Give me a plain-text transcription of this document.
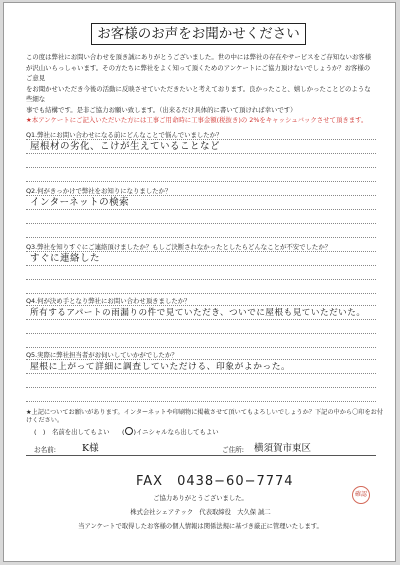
お客様のお声をお聞かせください

この度は弊社にお問い合わせを頂き誠にありがとうございました。世の中には弊社の存在やサービスをご存知ないお客様

が沢山いらっしゃいます。その方たちに弊社をよく知って頂くためのアンケートにご協力頂けないでしょうか？お客様のご意見

をお聞かせいただき今後の活動に反映させていただきたいと考えております。良かったこと、嬉しかったことどのような些細な

事でも結構です。是非ご協力お願い致します。（出来るだけ具体的に書いて頂ければ幸いです）

★本アンケートにご記入いただいた方には工事ご用命時に工事金額(税抜き)の 2%をキャッシュバックさせて頂きます。

Q1.弊社にお問い合わせになる前にどんなことで悩んでいましたか？
屋根材の劣化、こけが生えていることなど
Q2.何がきっかけで弊社をお知りになりましたか？
インターネットの検索
Q3.弊社を知りすぐにご連絡頂けましたか？もしご決断されなかったとしたらどんなことが不安でしたか？
すぐに連絡した
Q4.何が決め手となり弊社にお問い合わせ頂きましたか？
所有するアパートの雨漏りの件で見ていただき、ついでに屋根も見ていただいた。
Q5.実際に弊社担当者がお伺いしていかがでしたか？
屋根に上がって詳細に調査していただける、印象がよかった。
★上記についてお願いがあります。インターネットや印刷物に掲載させて頂いてもよろしいでしょうか？下記の中から〇印をお付けください。
(　) 名前を出してもよい (○)イニシャルなら出してもよい
お名前:	K様	ご住所: 横須賀市東区
FAX　0438−60−7774
ご協力ありがとうございました。
株式会社シェアテック　代表取締役　大久保 誠二
当アンケートで取得したお客様の個人情報は関係法規に基づき厳正に管理いたします。
確認
